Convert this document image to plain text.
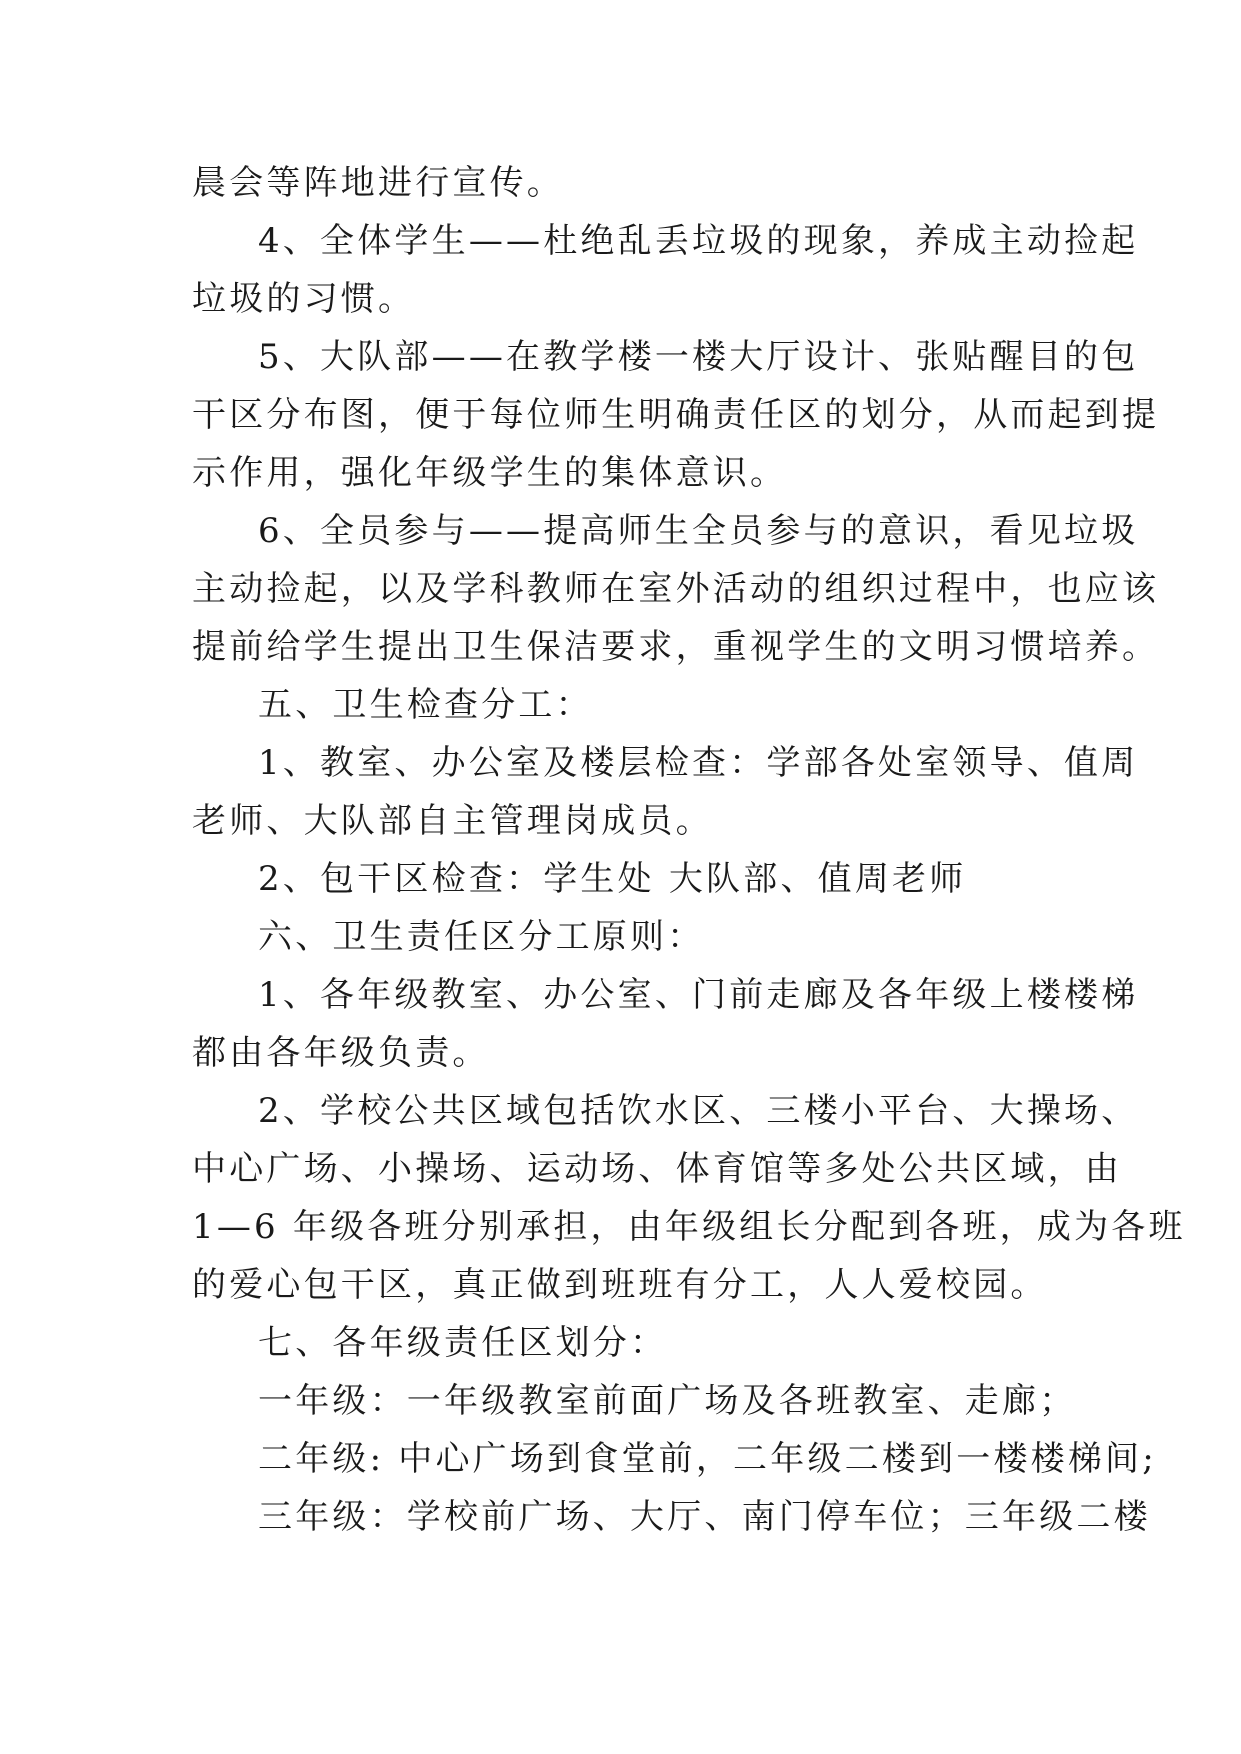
晨会等阵地进行宣传。
4、全体学生——杜绝乱丢垃圾的现象，养成主动捡起
垃圾的习惯。
5、大队部——在教学楼一楼大厅设计、张贴醒目的包
干区分布图，便于每位师生明确责任区的划分，从而起到提
示作用，强化年级学生的集体意识。
6、全员参与——提高师生全员参与的意识，看见垃圾
主动捡起，以及学科教师在室外活动的组织过程中，也应该
提前给学生提出卫生保洁要求，重视学生的文明习惯培养。
五、卫生检查分工：
1、教室、办公室及楼层检查：学部各处室领导、值周
老师、大队部自主管理岗成员。
2、包干区检查：学生处 大队部、值周老师
六、卫生责任区分工原则：
1、各年级教室、办公室、门前走廊及各年级上楼楼梯
都由各年级负责。
2、学校公共区域包括饮水区、三楼小平台、大操场、
中心广场、小操场、运动场、体育馆等多处公共区域，由
1—6 年级各班分别承担，由年级组长分配到各班，成为各班
的爱心包干区，真正做到班班有分工，人人爱校园。
七、各年级责任区划分：
一年级：一年级教室前面广场及各班教室、走廊；
二年级: 中心广场到食堂前，二年级二楼到一楼楼梯间;
三年级：学校前广场、大厅、南门停车位；三年级二楼
